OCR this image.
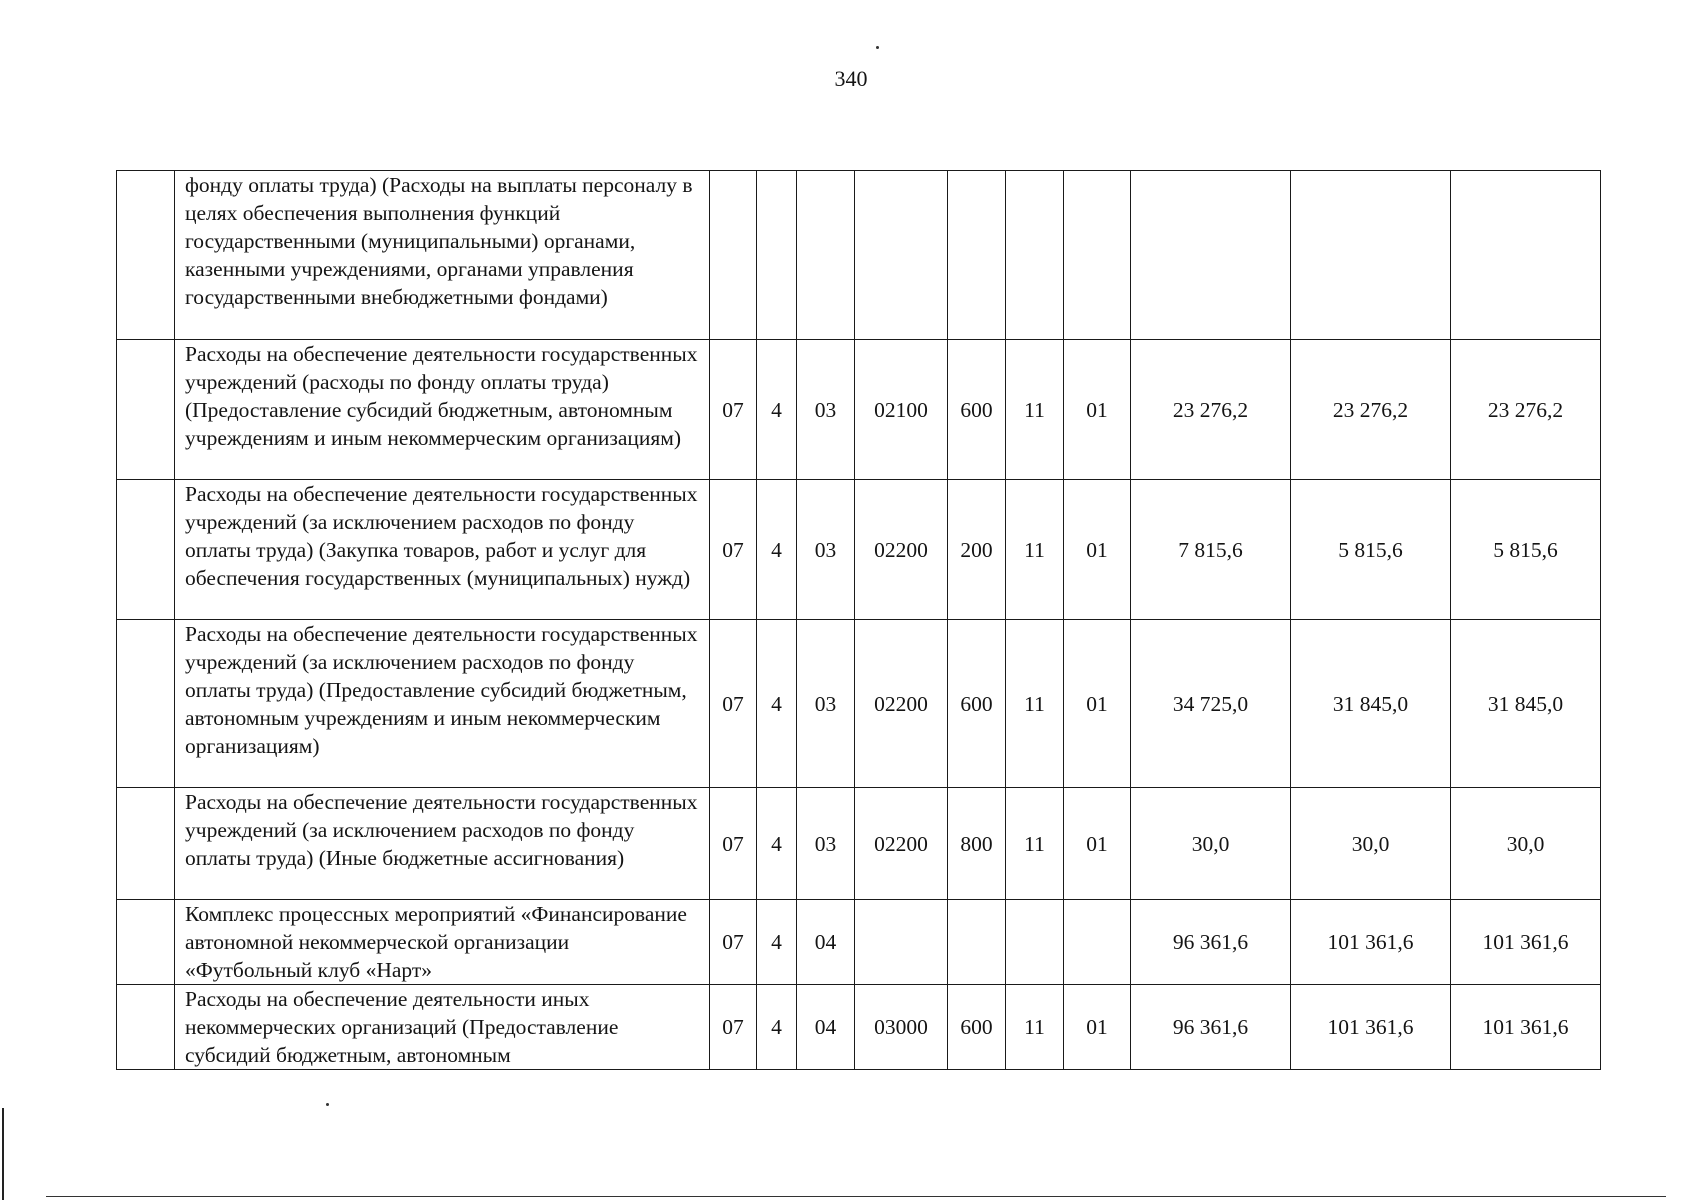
340
	фонду оплаты труда) (Расходы на выплаты персоналу в целях обеспечения выполнения функций государственными (муниципальными) органами, казенными учреждениями, органами управления государственными внебюджетными фондами)										
	Расходы на обеспечение деятельности государственных учреждений (расходы по фонду оплаты труда) (Предоставление субсидий бюджетным, автономным учреждениям и иным некоммерческим организациям)	07	4	03	02100	600	11	01	23 276,2	23 276,2	23 276,2
	Расходы на обеспечение деятельности государственных учреждений (за исключением расходов по фонду оплаты труда) (Закупка товаров, работ и услуг для обеспечения государственных (муниципальных) нужд)	07	4	03	02200	200	11	01	7 815,6	5 815,6	5 815,6
	Расходы на обеспечение деятельности государственных учреждений (за исключением расходов по фонду оплаты труда) (Предоставление субсидий бюджетным, автономным учреждениям и иным некоммерческим организациям)	07	4	03	02200	600	11	01	34 725,0	31 845,0	31 845,0
	Расходы на обеспечение деятельности государственных учреждений (за исключением расходов по фонду оплаты труда) (Иные бюджетные ассигнования)	07	4	03	02200	800	11	01	30,0	30,0	30,0
	Комплекс процессных мероприятий «Финансирование автономной некоммерческой организации «Футбольный клуб «Нарт»	07	4	04					96 361,6	101 361,6	101 361,6
	Расходы на обеспечение деятельности иных некоммерческих организаций (Предоставление субсидий бюджетным, автономным	07	4	04	03000	600	11	01	96 361,6	101 361,6	101 361,6
